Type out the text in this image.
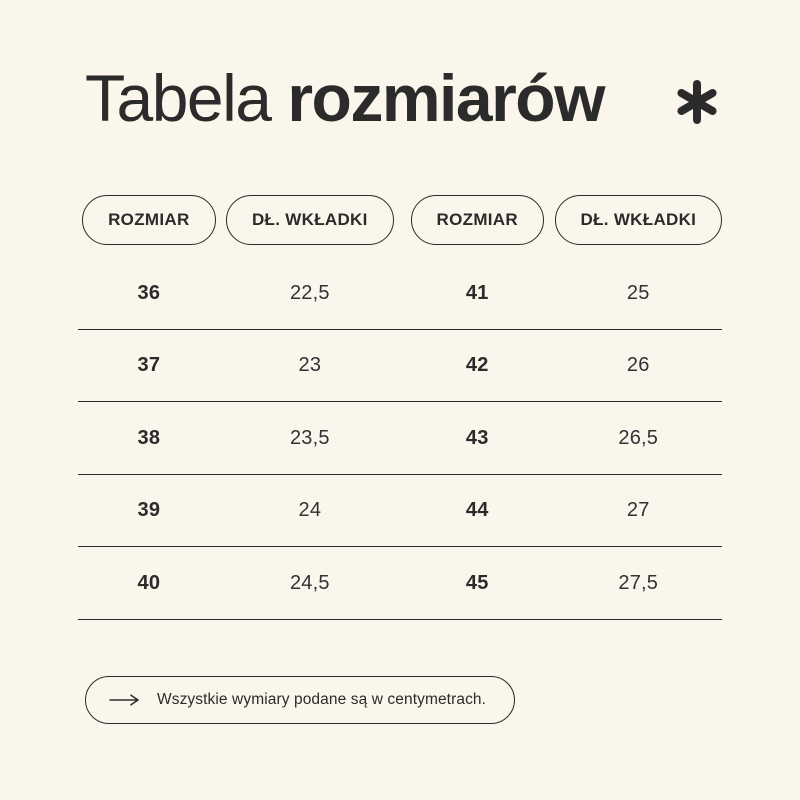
Tabela rozmiarów
ROZMIAR	DŁ. WKŁADKI	ROZMIAR	DŁ. WKŁADKI
36	22,5	41	25
37	23	42	26
38	23,5	43	26,5
39	24	44	27
40	24,5	45	27,5
Wszystkie wymiary podane są w centymetrach.
